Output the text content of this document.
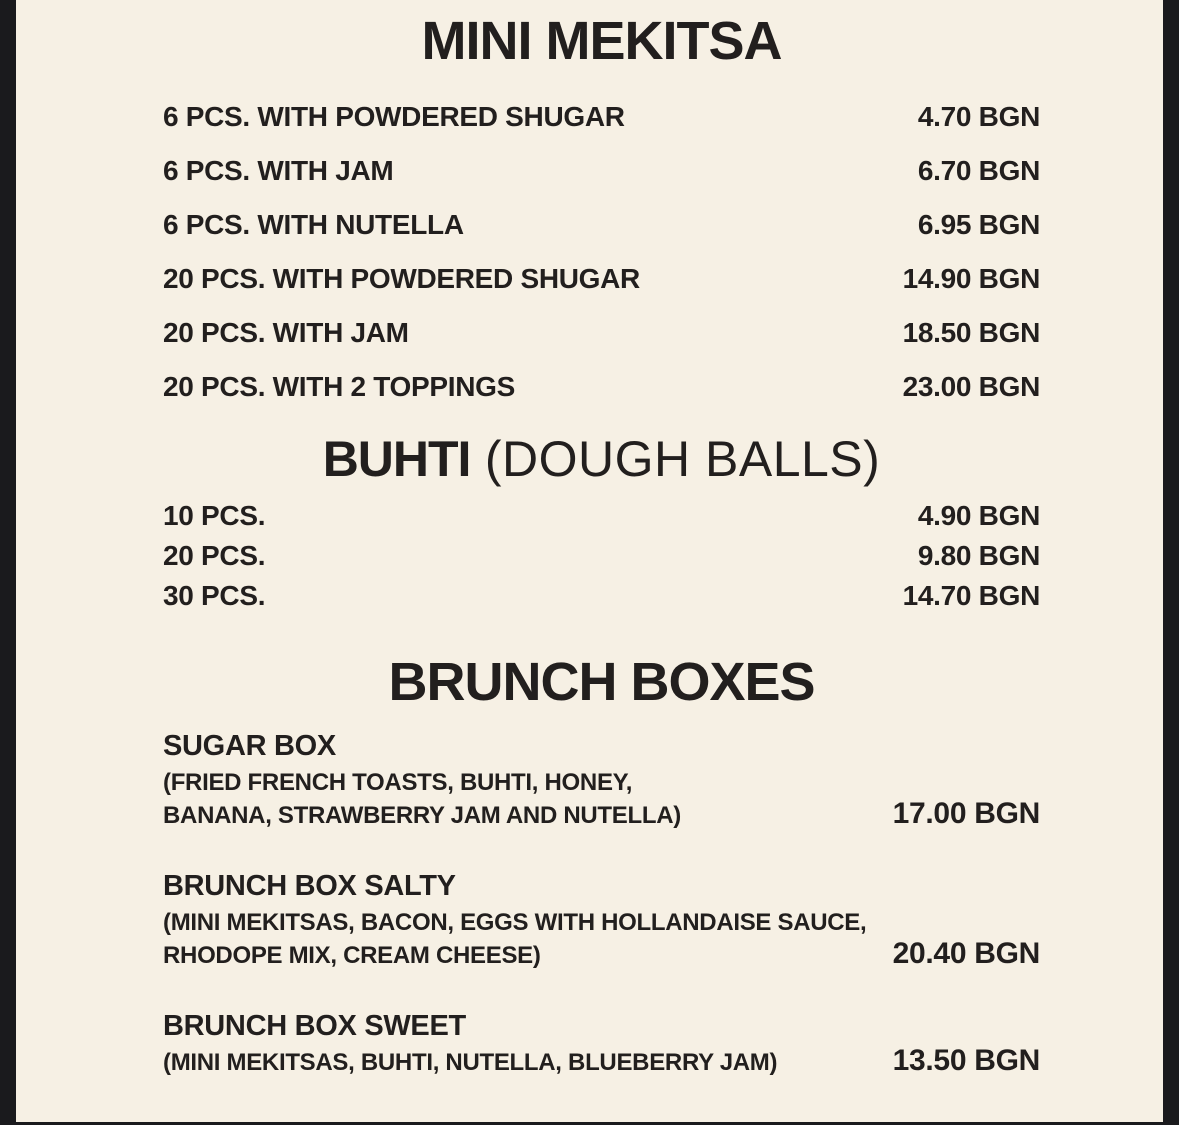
MINI MEKITSA
6 PCS. WITH POWDERED SHUGAR	4.70 BGN
6 PCS. WITH JAM	6.70 BGN
6 PCS. WITH NUTELLA	6.95 BGN
20 PCS. WITH POWDERED SHUGAR	14.90 BGN
20 PCS. WITH JAM	18.50 BGN
20 PCS. WITH 2 TOPPINGS	23.00 BGN
BUHTI (DOUGH BALLS)
10 PCS.	4.90 BGN
20 PCS.	9.80 BGN
30 PCS.	14.70 BGN
BRUNCH BOXES
SUGAR BOX
(FRIED FRENCH TOASTS, BUHTI, HONEY,
BANANA, STRAWBERRY JAM AND NUTELLA)	17.00 BGN
BRUNCH BOX SALTY
(MINI MEKITSAS, BACON, EGGS WITH HOLLANDAISE SAUCE,
RHODOPE MIX, CREAM CHEESE)	20.40 BGN
BRUNCH BOX SWEET
(MINI MEKITSAS, BUHTI, NUTELLA, BLUEBERRY JAM)	13.50 BGN
